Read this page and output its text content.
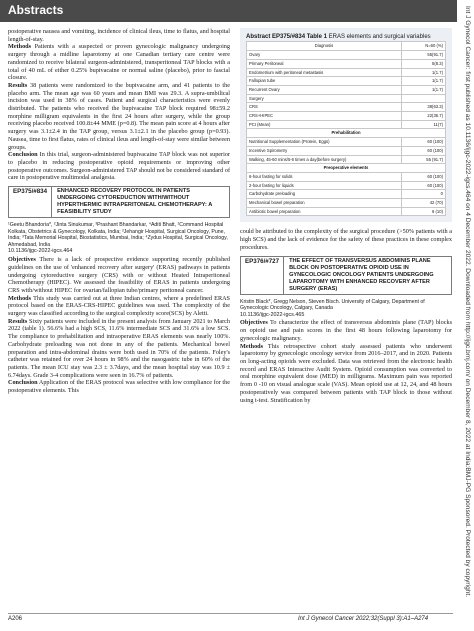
Abstracts	Int J Gynecol Cancer: first published as 10.1136/ijgc-2022-igcs.464 on 4 December 2022. Downloaded from http://ijgc.bmj.com/ on December 8, 2022 at India:BMJ-PG Sponsored. Protected by copyright.

postoperative nausea and vomiting, incidence of clinical ileus, time to flatus, and hospital length-of-stay.

Methods Patients with a suspected or proven gynecologic malignancy undergoing surgery through a midline laparotomy at one Canadian tertiary care centre were randomized to receive bilateral surgeon-administered, transperitoneal TAP blocks with a total of 40 mL of either 0.25% bupivacaine or normal saline (placebo), prior to fascial closure.

Results 38 patients were randomized to the bupivacaine arm, and 41 patients to the placebo arm. The mean age was 60 years and mean BMI was 29.3. A supra-umbilical incision was used in 38% of cases. Patient and surgical characteristics were evenly distributed. The patients who received the bupivacaine TAP block required 98±59.2 morphine milligram equivalents in the first 24 hours after surgery, while the group receiving placebo received 100.8±44 MME (p=0.8). The mean pain score at 4 hours after surgery was 3.1±2.4 in the TAP group, versus 3.1±2.1 in the placebo group (p=0.93). Nausea, time to first flatus, rates of clinical ileus and length-of-stay were similar between groups.

Conclusion In this trial, surgeon-administered bupivacaine TAP block was not superior to placebo in reducing postoperative opioid requirements or improving other postoperative outcomes. Surgeon-administered TAP should not be considered standard of care in postoperative multimodal analgesia.

EP375/#834	ENHANCED RECOVERY PROTOCOL IN PATIENTS UNDERGOING CYTOREDUCTION WITH/WITHOUT HYPERTHERMIC INTRAPERITONEAL CHEMOTHERAPY: A FEASIBILITY STUDY

¹Geetu Bhandoria*, ²Jinta Sinukumar, ³Prashant Bhandarkar, ⁴Aditi Bhatt, ¹Command Hospital Kolkata, Obstetrics & Gynecology, Kolkata, India; ²Jehangir Hospital, Surgical Oncology, Pune, India; ³Tata Memorial Hospital, Biostatistics, Mumbai, India; ⁴Zydus Hospital, Surgical Oncology, Ahmedabad, India

10.1136/ijgc-2022-igcs.464

Objectives There is a lack of prospective evidence supporting recently published guidelines on the use of 'enhanced recovery after surgery' (ERAS) pathways in patients undergoing cytoreductive surgery (CRS) with or without Heated Intraperitoneal Chemotherapy (HIPEC). We assessed the feasibility of ERAS in patients undergoing CRS with/without HIPEC for ovarian/fallopian tube/primary peritoneal cancer.

Methods This study was carried out at three Indian centres, where a predefined ERAS protocol based on the ERAS-CRS-HIPEC guidelines was used. The complexity of the surgery was classified according to the surgical complexity score(SCS) by Aletti.

Results Sixty patients were included in the present analysis from January 2021 to March 2022 (table 1). 56.6% had a high SCS, 11.6% intermediate SCS and 31.6% a low SCS. The compliance to prehabilitation and intraoperative ERAS elements was nearly 100%. Carbohydrate preloading was not done in any of the patients. Mechanical bowel preparation and intra-abdominal drains were both used in 70% of the patients. Foley's catheter was retained for over 24 hours in 98% and the nasogastric tube in 60% of the patients. The mean ICU stay was 2.3 ± 3.7days, and the mean hospital stay was 10.9 ± 6.74days. Grade 3-4 complications were seen in 16.7% of patients.

Conclusion Application of the ERAS protocol was selective with low compliance for the postoperative elements. This

Abstract EP375/#834 Table 1 ERAS elements and surgical variables

Diagnosis	N=60 (%)
Ovary	55(91.7)
Primary Peritoneal	5(8.3)
Endometrium with peritoneal metastasis	1(1.7)
Fallopian tube	1(1.7)
Recurrent Ovary	1(1.7)
Surgery	
CRS	38(63.3)
CRS+HIPEC	22(36.7)
PCI (Mean)	11(7)
Prehabilitation	
Nutritional Supplementation (Protein, Eggs)	60 (100)
Incentive Spirometry	60 (100)
Walking, 45-60 mins/5-6 times a day(before surgery)	55 (91.7)
Preoperative elements	
6-hour fasting for solids	60 (100)
2-hour fasting for liquids	60 (100)
Carbohydrate preloading	0
Mechanical bowel preparation	42 (70)
Antibiotic bowel preparation	6 (10)

could be attributed to the complexity of the surgical procedure (>50% patients with a high SCS) and the lack of evidence for the safety of these practices in these complex procedures.

EP376/#727	THE EFFECT OF TRANSVERSUS ABDOMINIS PLANE BLOCK ON POSTOPERATIVE OPIOID USE IN GYNECOLOGIC ONCOLOGY PATIENTS UNDERGOING LAPAROTOMY WITH ENHANCED RECOVERY AFTER SURGERY (ERAS)

Kristin Black*, Gregg Nelson, Steven Bisch. University of Calgary, Department of Gynecologic Oncology, Calgary, Canada

10.1136/ijgc-2022-igcs.465

Objectives To characterize the effect of transversus abdominis plane (TAP) blocks on opioid use and pain scores in the first 48 hours following laparotomy for gynecologic malignancy.

Methods This retrospective cohort study assessed patients who underwent laparotomy by gynecologic oncology service from 2016–2017, and in 2020. Patients on long-acting opioids were excluded. Data was retrieved from the electronic health record and ERAS Interactive Audit System. Opioid consumption was converted to oral morphine equivalent dose (MED) in milligrams. Maximum pain was reported from 0 -10 on visual analogue scale (VAS). Mean opioid use at 12, 24, and 48 hours postoperatively was compared between patients with TAP block to those without using t-test. Stratification by

A206	Int J Gynecol Cancer 2022;32(Suppl 3):A1–A274
